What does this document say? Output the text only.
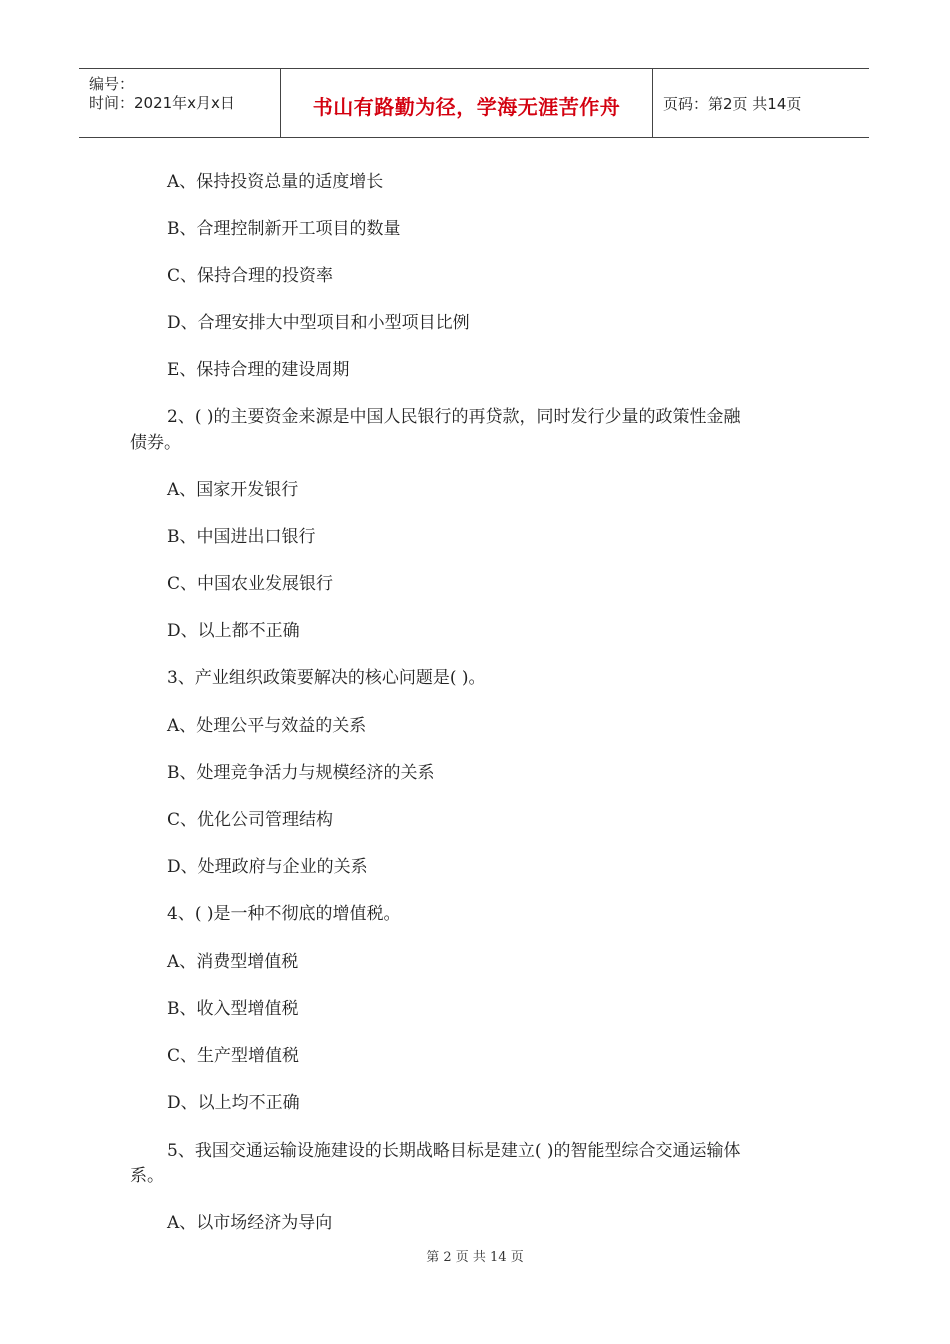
编号：
时间：2021年x月x日	书山有路勤为径，学海无涯苦作舟	页码：第2页 共14页
A、保持投资总量的适度增长
B、合理控制新开工项目的数量
C、保持合理的投资率
D、合理安排大中型项目和小型项目比例
E、保持合理的建设周期
2、( )的主要资金来源是中国人民银行的再贷款，同时发行少量的政策性金融
债券。
A、国家开发银行
B、中国进出口银行
C、中国农业发展银行
D、以上都不正确
3、产业组织政策要解决的核心问题是( )。
A、处理公平与效益的关系
B、处理竞争活力与规模经济的关系
C、优化公司管理结构
D、处理政府与企业的关系
4、( )是一种不彻底的增值税。
A、消费型增值税
B、收入型增值税
C、生产型增值税
D、以上均不正确
5、我国交通运输设施建设的长期战略目标是建立( )的智能型综合交通运输体
系。
A、以市场经济为导向
第 2 页 共 14 页
